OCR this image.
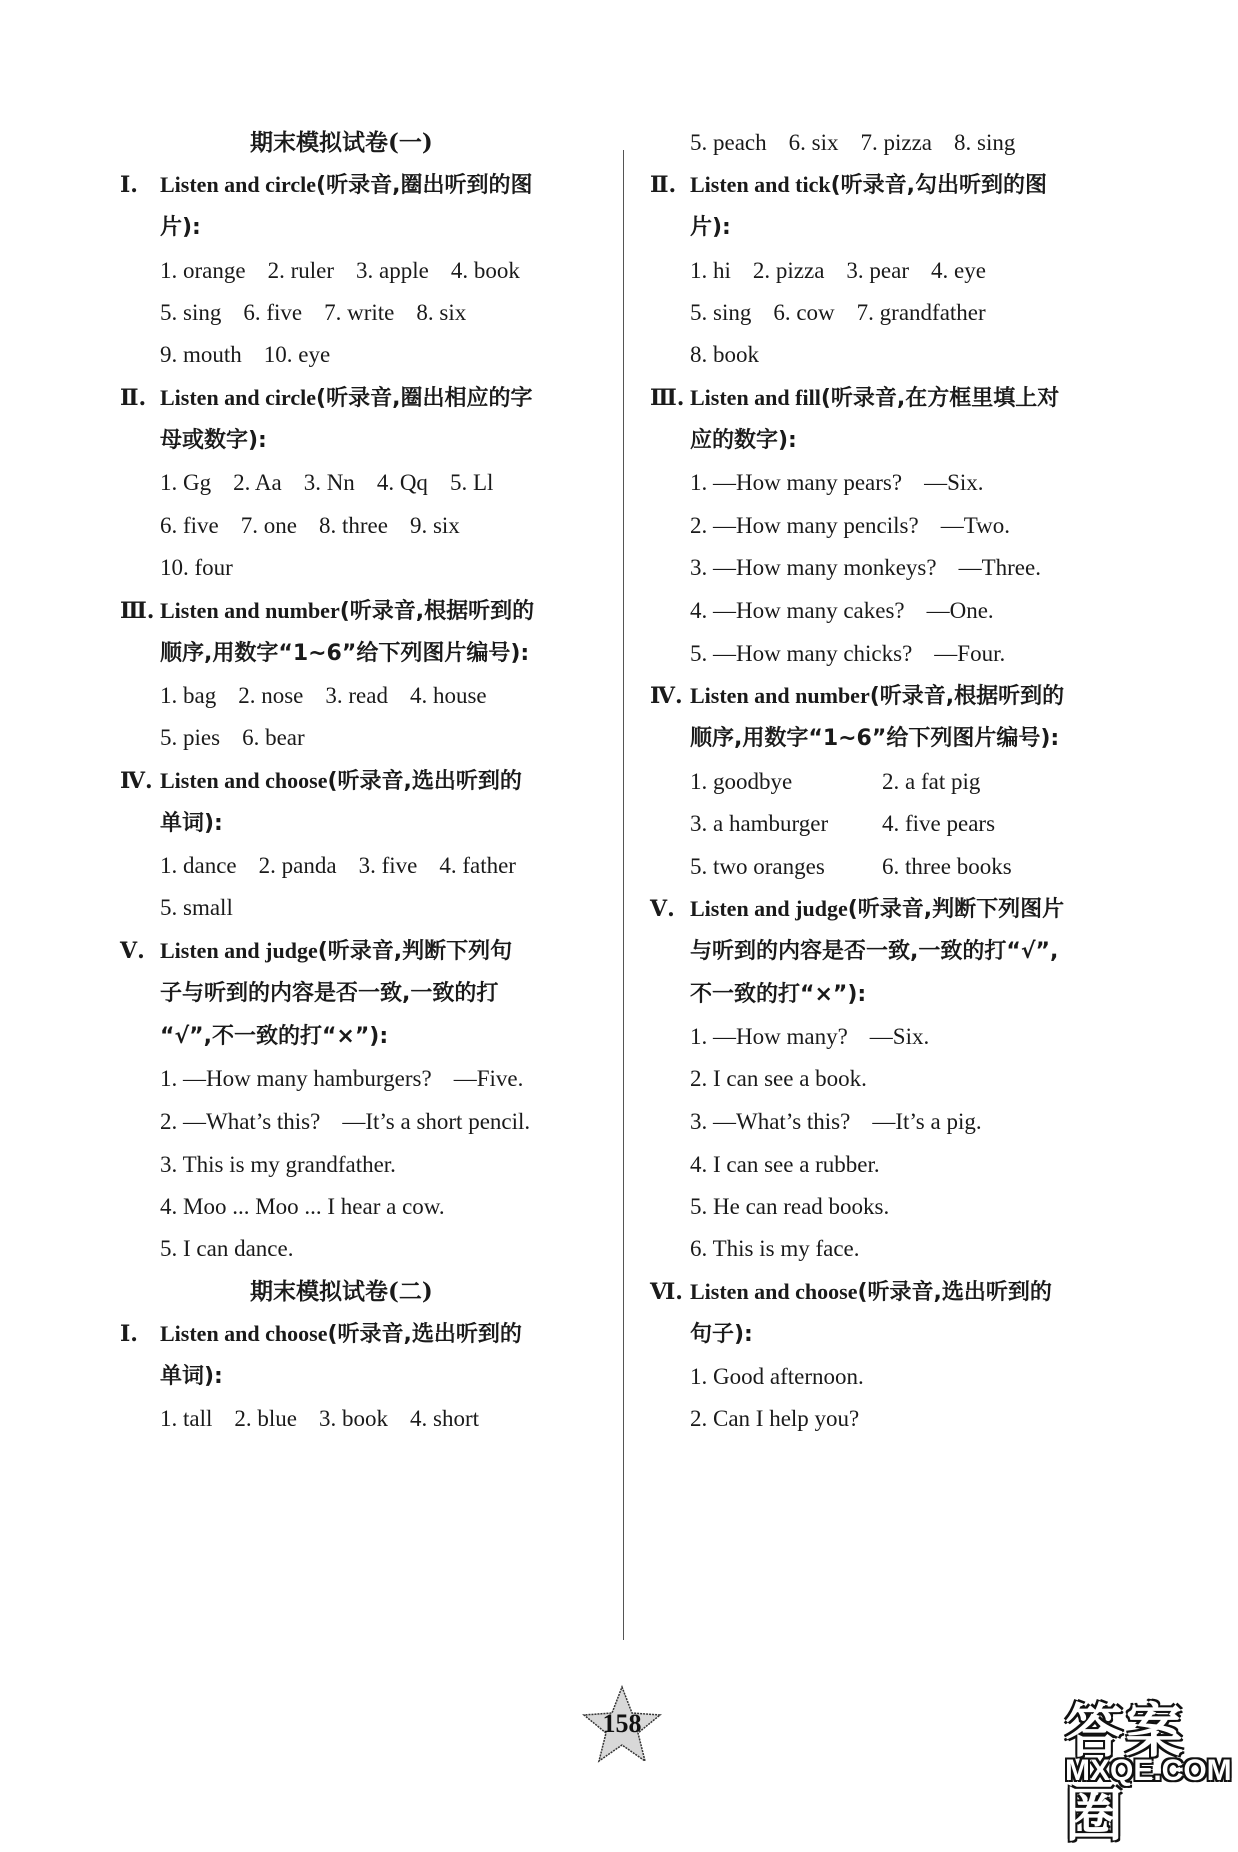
期末模拟试卷(一)
Ⅰ. Listen and circle(听录音,圈出听到的图
片):
1. orange 2. ruler 3. apple 4. book
5. sing 6. five 7. write 8. six
9. mouth 10. eye
Ⅱ. Listen and circle(听录音,圈出相应的字
母或数字):
1. Gg 2. Aa 3. Nn 4. Qq 5. Ll
6. five 7. one 8. three 9. six
10. four
Ⅲ. Listen and number(听录音,根据听到的
顺序,用数字“1~6”给下列图片编号):
1. bag 2. nose 3. read 4. house
5. pies 6. bear
Ⅳ. Listen and choose(听录音,选出听到的
单词):
1. dance 2. panda 3. five 4. father
5. small
Ⅴ. Listen and judge(听录音,判断下列句
子与听到的内容是否一致,一致的打
“√”,不一致的打“×”):
1. —How many hamburgers? —Five.
2. —What’s this? —It’s a short pencil.
3. This is my grandfather.
4. Moo ... Moo ... I hear a cow.
5. I can dance.
期末模拟试卷(二)
Ⅰ. Listen and choose(听录音,选出听到的
单词):
1. tall 2. blue 3. book 4. short
5. peach 6. six 7. pizza 8. sing
Ⅱ. Listen and tick(听录音,勾出听到的图
片):
1. hi 2. pizza 3. pear 4. eye
5. sing 6. cow 7. grandfather
8. book
Ⅲ. Listen and fill(听录音,在方框里填上对
应的数字):
1. —How many pears? —Six.
2. —How many pencils? —Two.
3. —How many monkeys? —Three.
4. —How many cakes? —One.
5. —How many chicks? —Four.
Ⅳ. Listen and number(听录音,根据听到的
顺序,用数字“1~6”给下列图片编号):
1. goodbye	2. a fat pig
3. a hamburger 4. five pears
5. two oranges 6. three books
Ⅴ. Listen and judge(听录音,判断下列图片
与听到的内容是否一致,一致的打“√”,
不一致的打“×”):
1. —How many? —Six.
2. I can see a book.
3. —What’s this? —It’s a pig.
4. I can see a rubber.
5. He can read books.
6. This is my face.
Ⅵ. Listen and choose(听录音,选出听到的
句子):
1. Good afternoon.
2. Can I help you?
158	答案圈
MXQE.COM
